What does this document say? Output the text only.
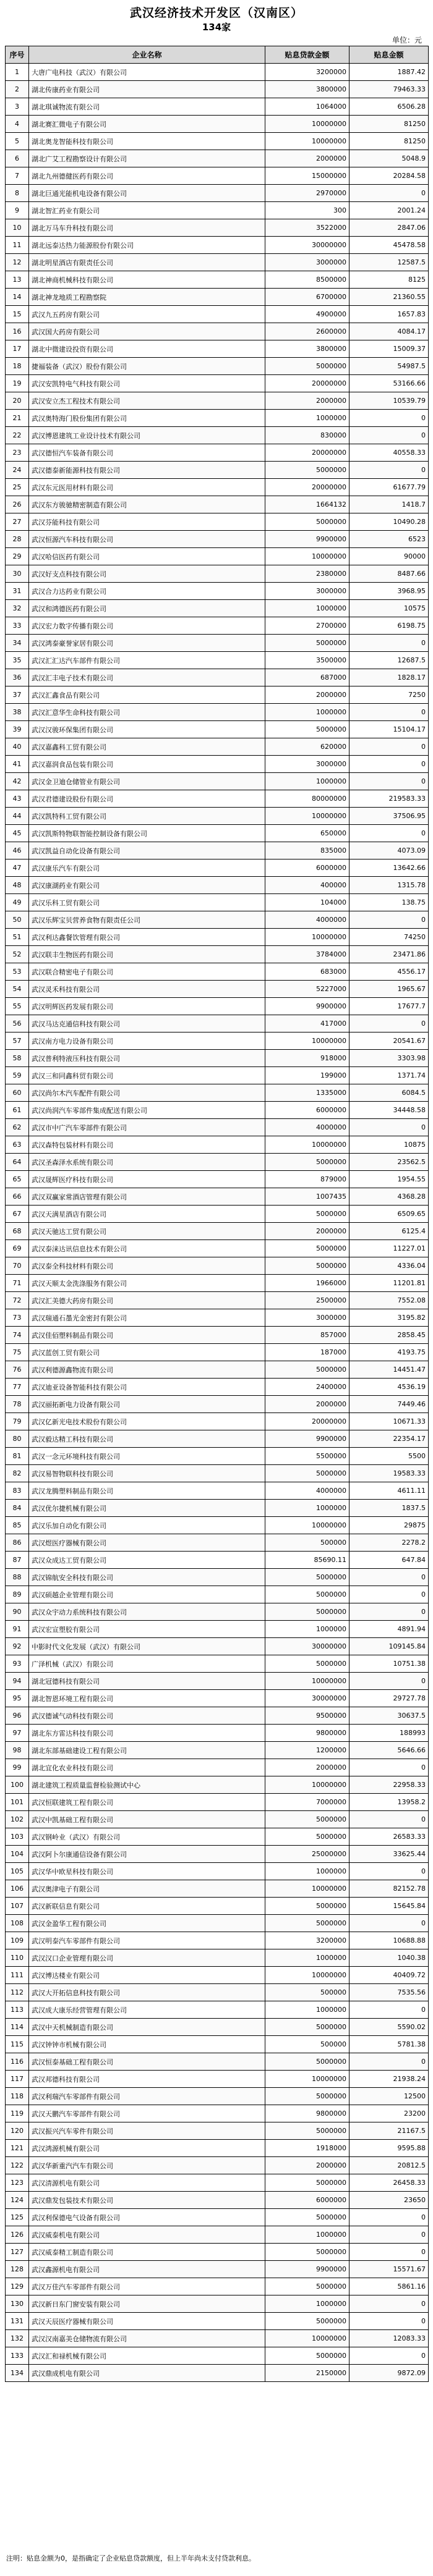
武汉经济技术开发区（汉南区）
134家
单位：元
序号	企业名称	贴息贷款金额	贴息金额
1	大唐广电科技（武汉）有限公司	3200000	1887.42
2	湖北传康药业有限公司	3800000	79463.33
3	湖北琪诚物流有限公司	1064000	6506.28
4	湖北赛汇微电子有限公司	10000000	81250
5	湖北奥龙智能科技有限公司	10000000	81250
6	湖北广艾工程勘察设计有限公司	2000000	5048.9
7	湖北九州德健医药有限公司	15000000	20284.58
8	湖北巨通光能机电设备有限公司	2970000	0
9	湖北智汇药业有限公司	300	2001.24
10	湖北万马车升科技有限公司	3522000	2847.06
11	湖北远泰达热力能源股份有限公司	30000000	45478.58
12	湖北明星酒店有限责任公司	3000000	12587.5
13	湖北神商机械科技有限公司	8500000	8125
14	湖北神龙地质工程勘察院	6700000	21360.55
15	武汉九五药房有限公司	4900000	1657.83
16	武汉国大药房有限公司	2600000	4084.17
17	湖北中微建设投资有限公司	3800000	15009.37
18	捷福装备（武汉）股份有限公司	5000000	54987.5
19	武汉安凯特电气科技有限公司	20000000	53166.66
20	武汉安立杰工程技术有限公司	2000000	10539.79
21	武汉奥特海门股份集团有限公司	1000000	0
22	武汉博恩建筑工业设计技术有限公司	830000	0
23	武汉德恒汽车装备有限公司	20000000	40558.33
24	武汉德泰新能源科技有限公司	5000000	0
25	武汉东元医用材料有限公司	20000000	61677.79
26	武汉东方骏驰精密制造有限公司	1664132	1418.7
27	武汉芬能科技有限公司	5000000	10490.28
28	武汉恒源汽车科技有限公司	9900000	6523
29	武汉哈信医药有限公司	10000000	90000
30	武汉好支点科技有限公司	2380000	8487.66
31	武汉合力达药业有限公司	3000000	3968.95
32	武汉和鸿德医药有限公司	1000000	10575
33	武汉宏力数字传播有限公司	2700000	6198.75
34	武汉鸿泰豪誉家居有限公司	5000000	0
35	武汉汇汇达汽车部件有限公司	3500000	12687.5
36	武汉汇丰电子技术有限公司	687000	1828.17
37	武汉汇鑫食品有限公司	2000000	7250
38	武汉汇意华生命科技有限公司	1000000	0
39	武汉汉骏环保集团有限公司	5000000	15104.17
40	武汉嘉鑫科工贸有限公司	620000	0
41	武汉嘉润食品包装有限公司	3000000	0
42	武汉金卫迪仓储管业有限公司	1000000	0
43	武汉君德建设股份有限公司	80000000	219583.33
44	武汉凯特科工贸有限公司	10000000	37506.95
45	武汉凯斯特物联智能控制设备有限公司	650000	0
46	武汉凯益自动化设备有限公司	835000	4073.09
47	武汉康乐汽车有限公司	6000000	13642.66
48	武汉康湖药业有限公司	400000	1315.78
49	武汉乐科工贸有限公司	104000	138.75
50	武汉乐辉宝贝营养食物有限责任公司	4000000	0
51	武汉利达鑫餐饮管理有限公司	10000000	74250
52	武汉联丰生物医药有限公司	3784000	23471.86
53	武汉联合精密电子有限公司	683000	4556.17
54	武汉灵禾科技有限公司	5227000	1965.67
55	武汉明辉医药发展有限公司	9900000	17677.7
56	武汉马达克通信科技有限公司	417000	0
57	武汉南方电力设备有限公司	10000000	20541.67
58	武汉普利特液压科技有限公司	918000	3303.98
59	武汉三和同鑫科贸有限公司	199000	1371.74
60	武汉尚尔木汽车配件有限公司	1335000	6084.5
61	武汉尚润汽车零部件集成配送有限公司	6000000	34448.58
62	武汉市中广汽车零部件有限公司	4000000	0
63	武汉森特包装材料有限公司	10000000	10875
64	武汉圣森泽水系统有限公司	5000000	23562.5
65	武汉晟辉医疗科技有限公司	879000	1954.55
66	武汉双赢家常酒店管理有限公司	1007435	4368.28
67	武汉天满星酒店有限公司	5000000	6509.65
68	武汉天驰达工贸有限公司	2000000	6125.4
69	武汉泰涞达讯信息技术有限公司	5000000	11227.01
70	武汉泰全科技材料有限公司	5000000	4336.04
71	武汉天顺太金洗涤服务有限公司	1966000	11201.81
72	武汉汇美德大药房有限公司	2500000	7552.08
73	武汉瑞通石墨光金密封有限公司	3000000	3195.82
74	武汉佳佰塑料制品有限公司	857000	2858.45
75	武汉蓝创工贸有限公司	187000	4193.75
76	武汉利德源鑫物流有限公司	5000000	14451.47
77	武汉迪亚设备智能科技有限公司	2400000	4536.19
78	武汉丽拓新电力设备有限公司	2000000	7449.46
79	武汉亿新光电技术股份有限公司	20000000	10671.33
80	武汉毅达精工科技有限公司	9900000	22354.17
81	武汉一念元环境科技有限公司	5500000	5500
82	武汉易智物联科技有限公司	5000000	19583.33
83	武汉龙腾塑料制品有限公司	4000000	4611.11
84	武汉优尔捷机械有限公司	1000000	1837.5
85	武汉乐加自动化有限公司	10000000	29875
86	武汉煜医疗器械有限公司	500000	2278.2
87	武汉众成达工贸有限公司	85690.11	647.84
88	武汉锦航安全科技有限公司	5000000	0
89	武汉硕越企业管理有限公司	5000000	0
90	武汉众宇动力系统科技有限公司	5000000	0
91	武汉宏宣塑胶有限公司	1000000	4891.94
92	中影时代文化发展（武汉）有限公司	30000000	109145.84
93	广泽机械（武汉）有限公司	5000000	10751.38
94	湖北冠德科技有限公司	10000000	0
95	湖北智恩环境工程有限公司	30000000	29727.78
96	武汉德诚气动科技有限公司	9500000	30637.5
97	湖北东方雷达科技有限公司	9800000	188993
98	湖北东部基础建设工程有限公司	1200000	5646.66
99	湖北宜化农业科技有限公司	2000000	0
100	湖北建筑工程质量监督检验测试中心	10000000	22958.33
101	武汉恒联建筑工程有限公司	7000000	13958.2
102	武汉中凯基础工程有限公司	5000000	0
103	武汉钢岭业（武汉）有限公司	5000000	26583.33
104	武汉阿卜尔康通信设备有限公司	25000000	33625.44
105	武汉华中欧星科技有限公司	1000000	0
106	武汉奥津电子有限公司	10000000	82152.78
107	武汉新联信息有限公司	5000000	15645.84
108	武汉金盈华工程有限公司	5000000	0
109	武汉明泰汽车零部件有限公司	3200000	10688.88
110	武汉汉口企业管理有限公司	1000000	1040.38
111	武汉博达楼业有限公司	10000000	40409.72
112	武汉大开拓信息科技有限公司	500000	7535.56
113	武汉成大康乐经营管理有限公司	1000000	0
114	武汉中天机械制造有限公司	5000000	5590.02
115	武汉钟钟市机械有限公司	500000	5781.38
116	武汉恒泰基础工程有限公司	5000000	0
117	武汉邦德科技有限公司	10000000	21938.24
118	武汉利瑞汽车零部件有限公司	5000000	12500
119	武汉天鹏汽车零部件有限公司	9800000	23200
120	武汉振兴汽车零件有限公司	5000000	21167.5
121	武汉鸿源机械有限公司	1918000	9595.88
122	武汉华新重汽汽车有限公司	2000000	20812.5
123	武汉清源机电有限公司	5000000	26458.33
124	武汉鼎发包装技术有限公司	6000000	23650
125	武汉利保德电气设备有限公司	5000000	0
126	武汉威泰机电有限公司	1000000	0
127	武汉威泰精工制造有限公司	5000000	0
128	武汉鑫源机电有限公司	9900000	15571.67
129	武汉万佳汽车零部件有限公司	5000000	5861.16
130	武汉新日东门窗安装有限公司	1000000	0
131	武汉天辰医疗器械有限公司	5000000	0
132	武汉汉南嘉美仓储物流有限公司	10000000	12083.33
133	武汉汇和禄机械有限公司	5000000	0
134	武汉鼎成机电有限公司	2150000	9872.09
注明：贴息金额为0，是指确定了企业贴息贷款额度，但上半年尚未支付贷款利息。
